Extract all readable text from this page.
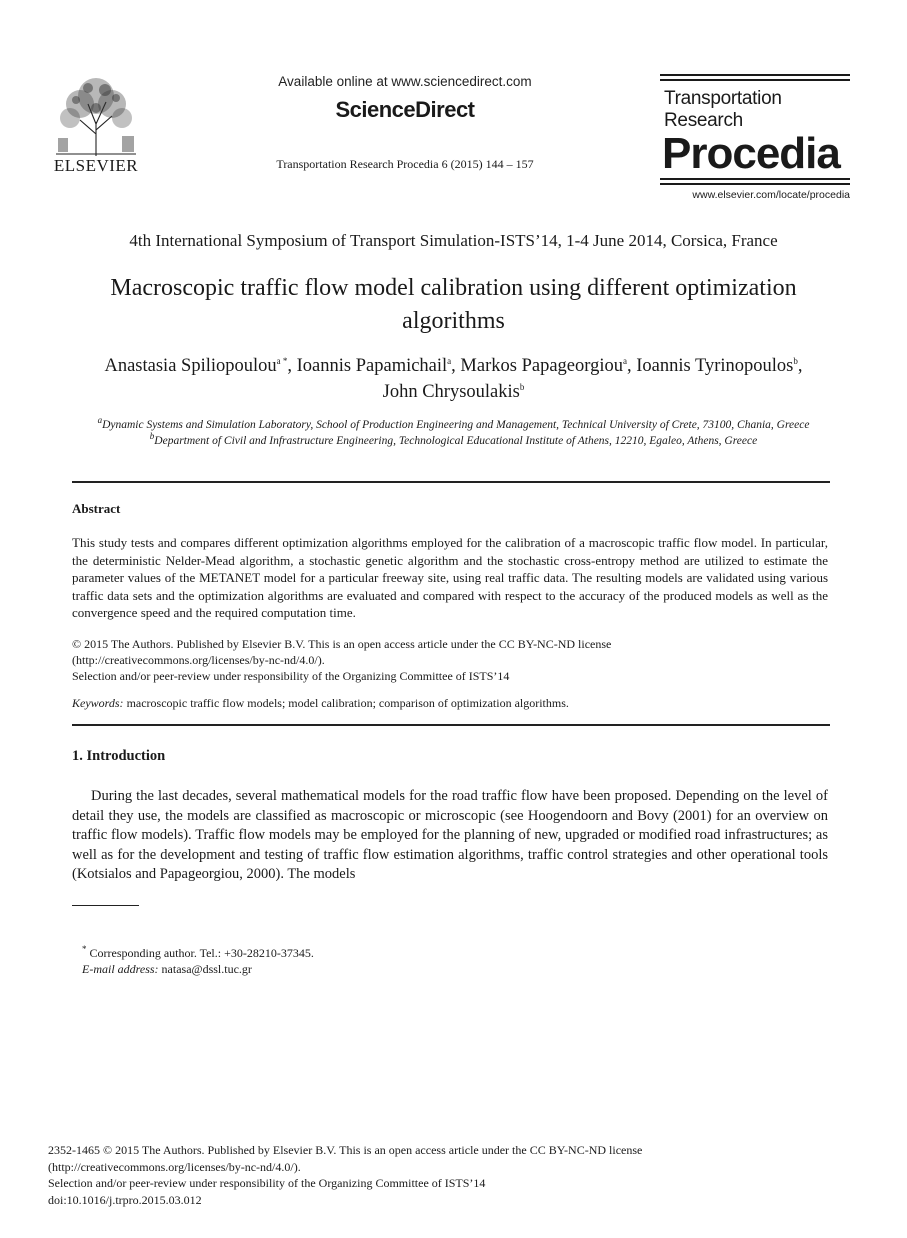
ELSEVIER
Available online at www.sciencedirect.com
ScienceDirect
Transportation Research Procedia 6 (2015) 144 – 157
Transportation
Research
Procedia
www.elsevier.com/locate/procedia
4th International Symposium of Transport Simulation-ISTS’14, 1-4 June 2014, Corsica, France
Macroscopic traffic flow model calibration using different optimization algorithms
Anastasia Spiliopoulou$^{a *}$, Ioannis Papamichail$^a$, Markos Papageorgiou$^a$, Ioannis Tyrinopoulos$^b$, John Chrysoulakis$^b$
$^a$Dynamic Systems and Simulation Laboratory, School of Production Engineering and Management, Technical University of Crete, 73100, Chania, Greece
$^b$Department of Civil and Infrastructure Engineering, Technological Educational Institute of Athens, 12210, Egaleo, Athens, Greece
Abstract
This study tests and compares different optimization algorithms employed for the calibration of a macroscopic traffic flow model. In particular, the deterministic Nelder-Mead algorithm, a stochastic genetic algorithm and the stochastic cross-entropy method are utilized to estimate the parameter values of the METANET model for a particular freeway site, using real traffic data. The resulting models are validated using various traffic data sets and the optimization algorithms are evaluated and compared with respect to the accuracy of the produced models as well as the convergence speed and the required computation time.
© 2015 The Authors. Published by Elsevier B.V. This is an open access article under the CC BY-NC-ND license
(http://creativecommons.org/licenses/by-nc-nd/4.0/).
Selection and/or peer-review under responsibility of the Organizing Committee of ISTS’14
Keywords: macroscopic traffic flow models; model calibration; comparison of optimization algorithms.
1. Introduction
During the last decades, several mathematical models for the road traffic flow have been proposed. Depending on the level of detail they use, the models are classified as macroscopic or microscopic (see Hoogendoorn and Bovy (2001) for an overview on traffic flow models). Traffic flow models may be employed for the planning of new, upgraded or modified road infrastructures; as well as for the development and testing of traffic flow estimation algorithms, traffic control strategies and other operational tools (Kotsialos and Papageorgiou, 2000). The models
* Corresponding author. Tel.: +30-28210-37345.
E-mail address: natasa@dssl.tuc.gr
2352-1465 © 2015 The Authors. Published by Elsevier B.V. This is an open access article under the CC BY-NC-ND license
(http://creativecommons.org/licenses/by-nc-nd/4.0/).
Selection and/or peer-review under responsibility of the Organizing Committee of ISTS’14
doi:10.1016/j.trpro.2015.03.012
